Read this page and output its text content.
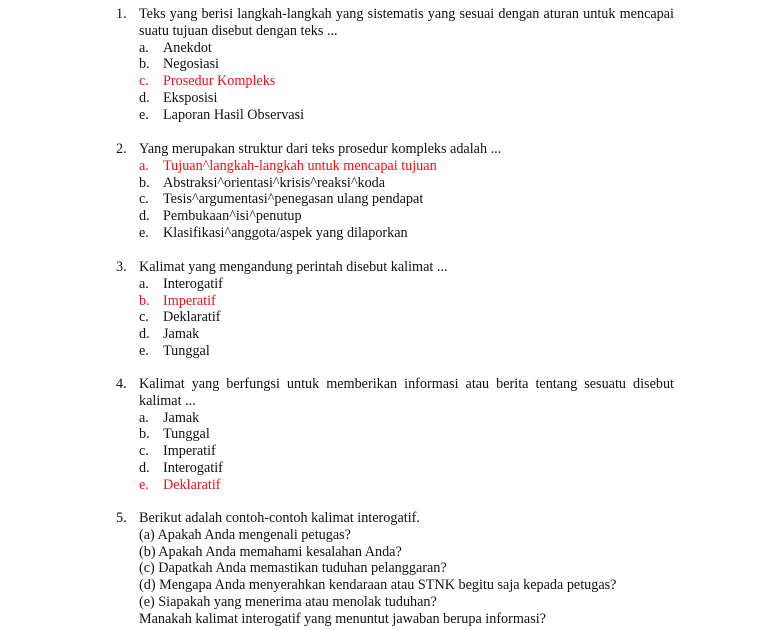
1. Teks yang berisi langkah-langkah yang sistematis yang sesuai dengan aturan untuk mencapai suatu tujuan disebut dengan teks ...
a. Anekdot
b. Negosiasi
c. Prosedur Kompleks
d. Eksposisi
e. Laporan Hasil Observasi
2. Yang merupakan struktur dari teks prosedur kompleks adalah ...
a. Tujuan^langkah-langkah untuk mencapai tujuan
b. Abstraksi^orientasi^krisis^reaksi^koda
c. Tesis^argumentasi^penegasan ulang pendapat
d. Pembukaan^isi^penutup
e. Klasifikasi^anggota/aspek yang dilaporkan
3. Kalimat yang mengandung perintah disebut kalimat ...
a. Interogatif
b. Imperatif
c. Deklaratif
d. Jamak
e. Tunggal
4. Kalimat yang berfungsi untuk memberikan informasi atau berita tentang sesuatu disebut kalimat ...
a. Jamak
b. Tunggal
c. Imperatif
d. Interogatif
e. Deklaratif
5. Berikut adalah contoh-contoh kalimat interogatif.
(a) Apakah Anda mengenali petugas?
(b) Apakah Anda memahami kesalahan Anda?
(c) Dapatkah Anda memastikan tuduhan pelanggaran?
(d) Mengapa Anda menyerahkan kendaraan atau STNK begitu saja kepada petugas?
(e) Siapakah yang menerima atau menolak tuduhan?
Manakah kalimat interogatif yang menuntut jawaban berupa informasi?
